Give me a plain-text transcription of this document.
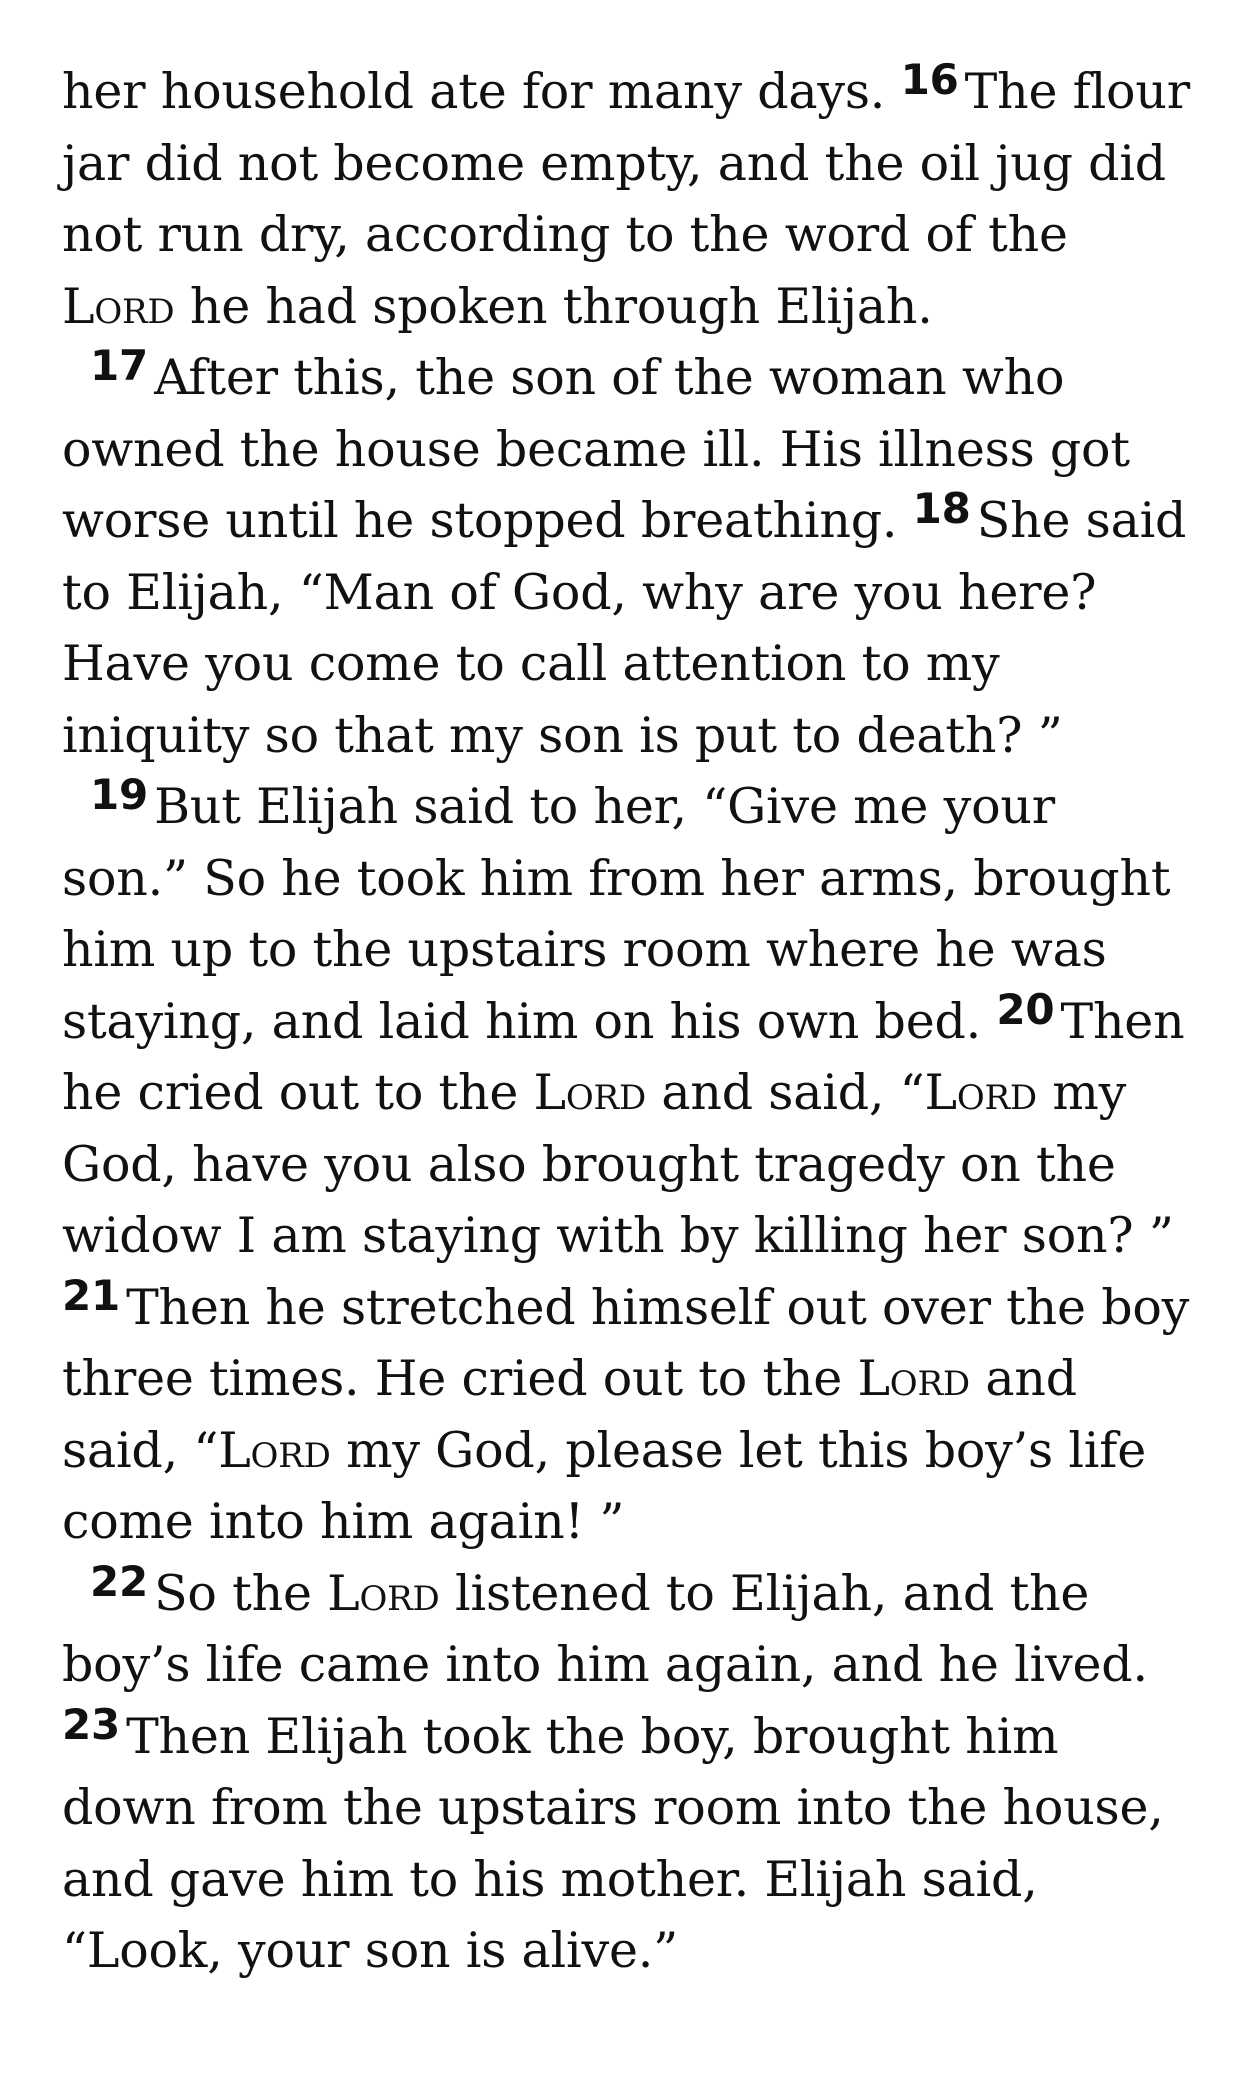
her household ate for many days. 16 The flour jar did not become empty, and the oil jug did not run dry, according to the word of the Lord he had spoken through Elijah.

17 After this, the son of the woman who owned the house became ill. His illness got worse until he stopped breathing. 18 She said to Elijah, “Man of God, why are you here? Have you come to call attention to my iniquity so that my son is put to death? ”

19 But Elijah said to her, “Give me your son.” So he took him from her arms, brought him up to the upstairs room where he was staying, and laid him on his own bed. 20 Then he cried out to the Lord and said, “Lord my God, have you also brought tragedy on the widow I am staying with by killing her son? ” 21 Then he stretched himself out over the boy three times. He cried out to the Lord and said, “Lord my God, please let this boy’s life come into him again! ”

22 So the Lord listened to Elijah, and the boy’s life came into him again, and he lived. 23 Then Elijah took the boy, brought him down from the upstairs room into the house, and gave him to his mother. Elijah said, “Look, your son is alive.”
